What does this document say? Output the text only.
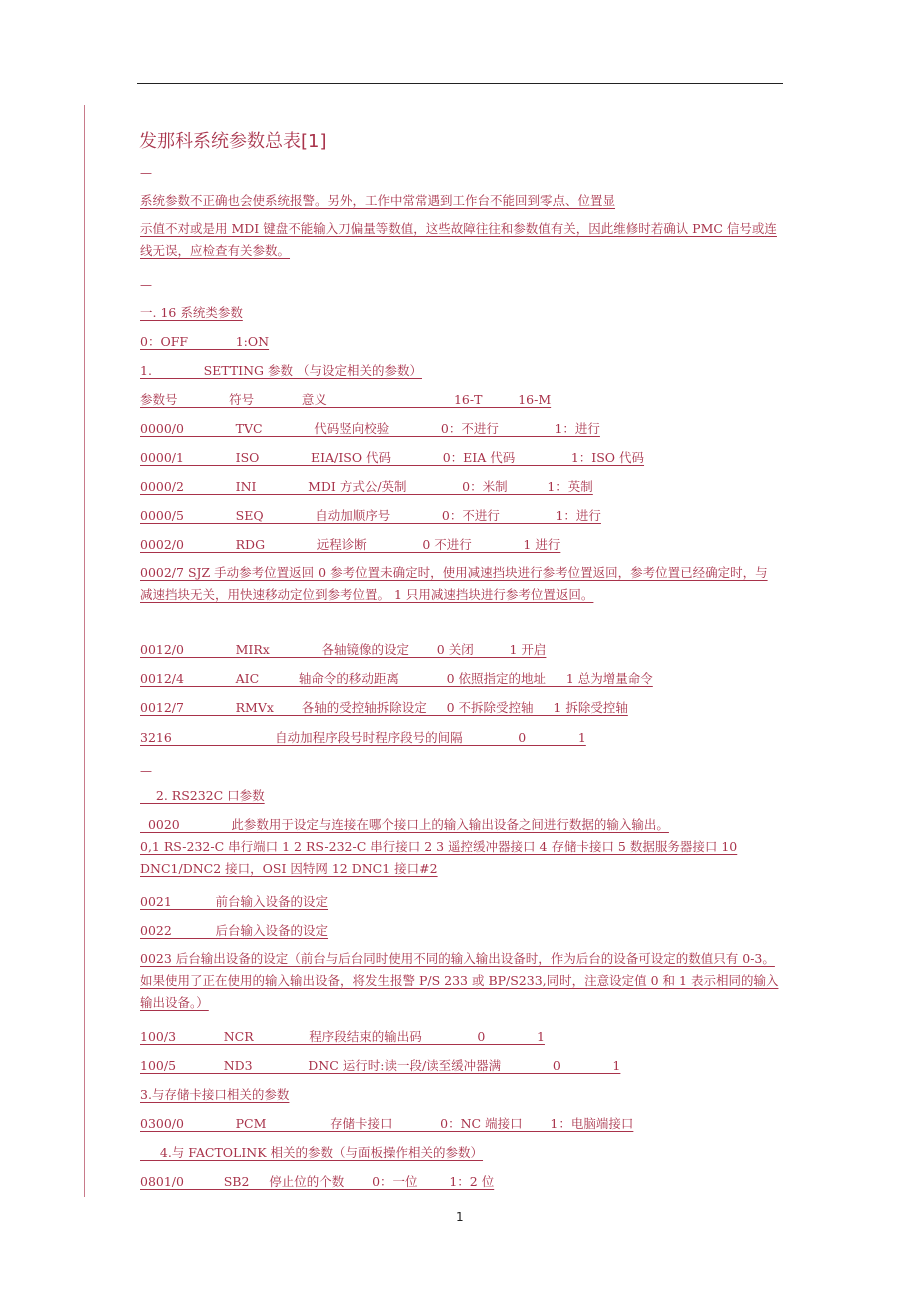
发那科系统参数总表[1]
—
系统参数不正确也会使系统报警。另外，工作中常常遇到工作台不能回到零点、位置显
示值不对或是用 MDI 键盘不能输入刀偏量等数值，这些故障往往和参数值有关，因此维修时若确认 PMC 信号或连线无误，应检查有关参数。
—
一. 16 系统类参数
0：OFF            1:ON
1.             SETTING 参数 （与设定相关的参数）
参数号             符号            意义                                16-T         16-M
0000/0             TVC             代码竖向校验             0：不进行              1：进行
0000/1             ISO             EIA/ISO 代码             0：EIA 代码              1：ISO 代码
0000/2             INI             MDI 方式公/英制              0：米制          1：英制
0000/5             SEQ             自动加顺序号             0：不进行              1：进行
0002/0             RDG             远程诊断              0 不进行             1 进行
0002/7 SJZ 手动参考位置返回 0 参考位置未确定时，使用减速挡块进行参考位置返回，参考位置已经确定时，与减速挡块无关，用快速移动定位到参考位置。 1 只用减速挡块进行参考位置返回。
0012/0             MIRx             各轴镜像的设定       0 关闭         1 开启
0012/4             AIC          轴命令的移动距离            0 依照指定的地址     1 总为增量命令
0012/7             RMVx       各轴的受控轴拆除设定     0 不拆除受控轴     1 拆除受控轴
3216                          自动加程序段号时程序段号的间隔              0             1
—
2. RS232C 口参数
0020             此参数用于设定与连接在哪个接口上的输入输出设备之间进行数据的输入输出。
0,1 RS-232-C 串行端口 1 2 RS-232-C 串行接口 2 3 遥控缓冲器接口 4 存储卡接口 5 数据服务器接口 10 DNC1/DNC2 接口，OSI 因特网 12 DNC1 接口#2
0021           前台输入设备的设定
0022           后台输入设备的设定
0023 后台输出设备的设定（前台与后台同时使用不同的输入输出设备时，作为后台的设备可设定的数值只有 0-3。如果使用了正在使用的输入输出设备，将发生报警 P/S 233 或 BP/S233,同时，注意设定值 0 和 1 表示相同的输入输出设备。）
100/3            NCR              程序段结束的输出码              0             1
100/5            ND3              DNC 运行时:读一段/读至缓冲器满             0             1
3.与存储卡接口相关的参数
0300/0             PCM                存储卡接口            0：NC 端接口       1：电脑端接口
4.与 FACTOLINK 相关的参数（与面板操作相关的参数）
0801/0          SB2     停止位的个数       0：一位        1：2 位
1
